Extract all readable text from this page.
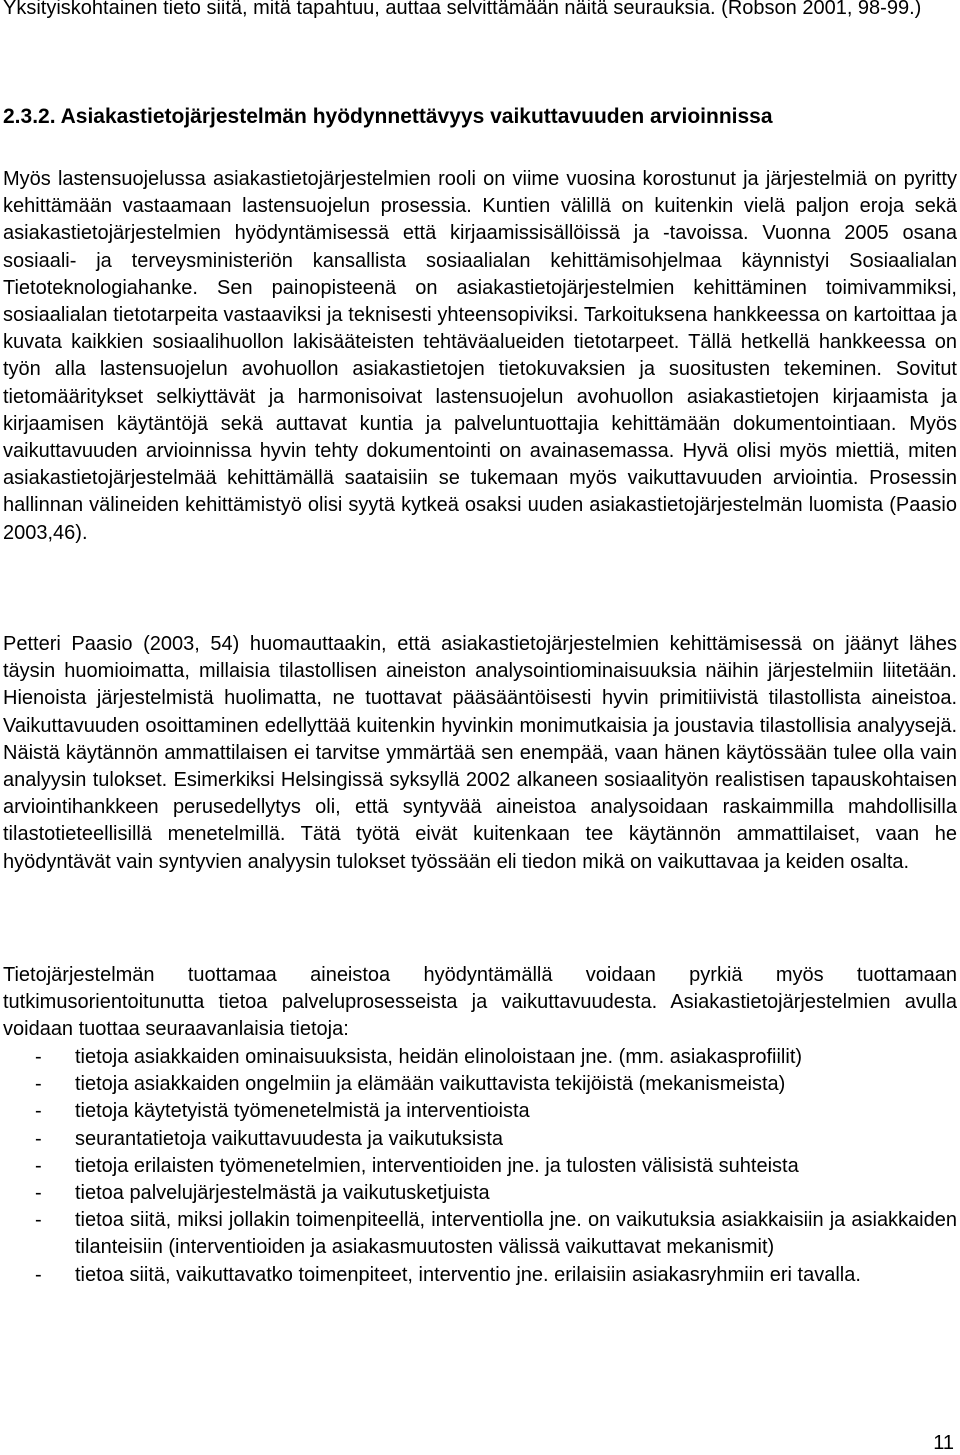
Yksityiskohtainen tieto siitä, mitä tapahtuu, auttaa selvittämään näitä seurauksia. (Robson 2001, 98-99.)

2.3.2. Asiakastietojärjestelmän hyödynnettävyys vaikuttavuuden arvioinnissa

Myös lastensuojelussa asiakastietojärjestelmien rooli on viime vuosina korostunut ja järjestelmiä on pyritty kehittämään vastaamaan lastensuojelun prosessia. Kuntien välillä on kuitenkin vielä paljon eroja sekä asiakastietojärjestelmien hyödyntämisessä että kirjaamissisällöissä ja -tavoissa. Vuonna 2005 osana sosiaali- ja terveysministeriön kansallista sosiaalialan kehittämisohjelmaa käynnistyi Sosiaalialan Tietoteknologiahanke. Sen painopisteenä on asiakastietojärjestelmien kehittäminen toimivammiksi, sosiaalialan tietotarpeita vastaaviksi ja teknisesti yhteensopiviksi. Tarkoituksena hankkeessa on kartoittaa ja kuvata kaikkien sosiaalihuollon lakisääteisten tehtäväalueiden tietotarpeet. Tällä hetkellä hankkeessa on työn alla lastensuojelun avohuollon asiakastietojen tietokuvaksien ja suositusten tekeminen. Sovitut tietomääritykset selkiyttävät ja harmonisoivat lastensuojelun avohuollon asiakastietojen kirjaamista ja kirjaamisen käytäntöjä sekä auttavat kuntia ja palveluntuottajia kehittämään dokumentointiaan. Myös vaikuttavuuden arvioinnissa hyvin tehty dokumentointi on avainasemassa. Hyvä olisi myös miettiä, miten asiakastietojärjestelmää kehittämällä saataisiin se tukemaan myös vaikuttavuuden arviointia. Prosessin hallinnan välineiden kehittämistyö olisi syytä kytkeä osaksi uuden asiakastietojärjestelmän luomista (Paasio 2003,46).

Petteri Paasio (2003, 54) huomauttaakin, että asiakastietojärjestelmien kehittämisessä on jäänyt lähes täysin huomioimatta, millaisia tilastollisen aineiston analysointiominaisuuksia näihin järjestelmiin liitetään. Hienoista järjestelmistä huolimatta, ne tuottavat pääsääntöisesti hyvin primitiivistä tilastollista aineistoa. Vaikuttavuuden osoittaminen edellyttää kuitenkin hyvinkin monimutkaisia ja joustavia tilastollisia analyysejä. Näistä käytännön ammattilaisen ei tarvitse ymmärtää sen enempää, vaan hänen käytössään tulee olla vain analyysin tulokset. Esimerkiksi Helsingissä syksyllä 2002 alkaneen sosiaalityön realistisen tapauskohtaisen arviointihankkeen perusedellytys oli, että syntyvää aineistoa analysoidaan raskaimmilla mahdollisilla tilastotieteellisillä menetelmillä. Tätä työtä eivät kuitenkaan tee käytännön ammattilaiset, vaan he hyödyntävät vain syntyvien analyysin tulokset työssään eli tiedon mikä on vaikuttavaa ja keiden osalta.

Tietojärjestelmän tuottamaa aineistoa hyödyntämällä voidaan pyrkiä myös tuottamaan tutkimusorientoitunutta tietoa palveluprosesseista ja vaikuttavuudesta. Asiakastietojärjestelmien avulla voidaan tuottaa seuraavanlaisia tietoja:

- tietoja asiakkaiden ominaisuuksista, heidän elinoloistaan jne. (mm. asiakasprofiilit)
- tietoja asiakkaiden ongelmiin ja elämään vaikuttavista tekijöistä (mekanismeista)
- tietoja käytetyistä työmenetelmistä ja interventioista
- seurantatietoja vaikuttavuudesta ja vaikutuksista
- tietoja erilaisten työmenetelmien, interventioiden jne. ja tulosten välisistä suhteista
- tietoa palvelujärjestelmästä ja vaikutusketjuista
- tietoa siitä, miksi jollakin toimenpiteellä, interventiolla jne. on vaikutuksia asiakkaisiin ja asiakkaiden tilanteisiin (interventioiden ja asiakasmuutosten välissä vaikuttavat mekanismit)
- tietoa siitä, vaikuttavatko toimenpiteet, interventio jne. erilaisiin asiakasryhmiin eri tavalla.
11
